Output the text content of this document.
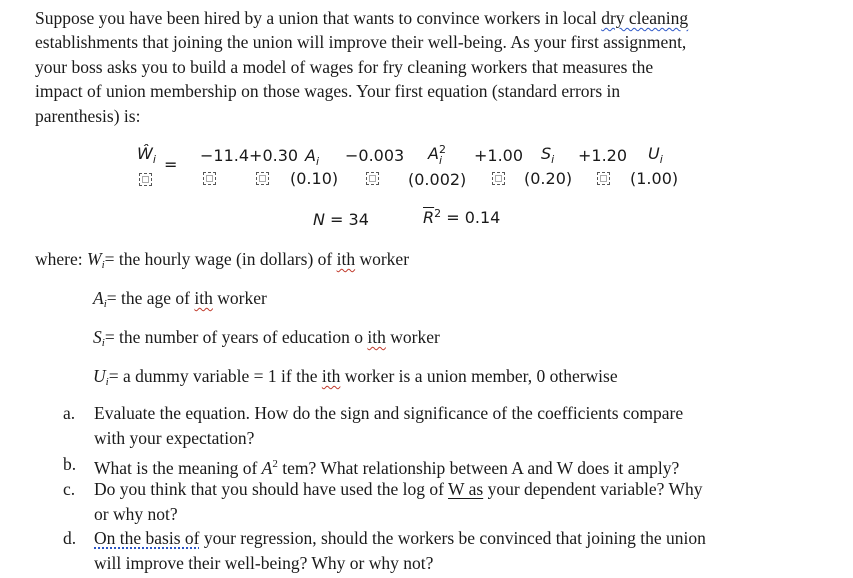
Suppose you have been hired by a union that wants to convince workers in local dry cleaning

establishments that joining the union will improve their well-being. As your first assignment,

your boss asks you to build a model of wages for fry cleaning workers that measures the

impact of union membership on those wages. Your first equation (standard errors in

parenthesis) is:

$Ŵ_i = -11.4+0.30$ $A_i -0.003$ $A^2$
i +1.00 $S_i +1.20$ $U_i$
(0.10)	(0.002)	(0.20)	(1.00)
N = 34	$\overline{R}^2 = 0.14$
where: $W_i=$ the hourly wage (in dollars) of ith worker
$A_i=$ the age of ith worker
$S_i=$ the number of years of education o ith worker
$U_i= a$ dummy variable = 1 if the ith worker is a union member, 0 otherwise
a. Evaluate the equation. How do the sign and significance of the coefficients compare
with your expectation?
b. What is the meaning of $A^2$ tem? What relationship between A and W does it amply?
c. Do you think that you should have used the log of W as your dependent variable? Why
or why not?
d. On the basis of your regression, should the workers be convinced that joining the union
will improve their well-being? Why or why not?
